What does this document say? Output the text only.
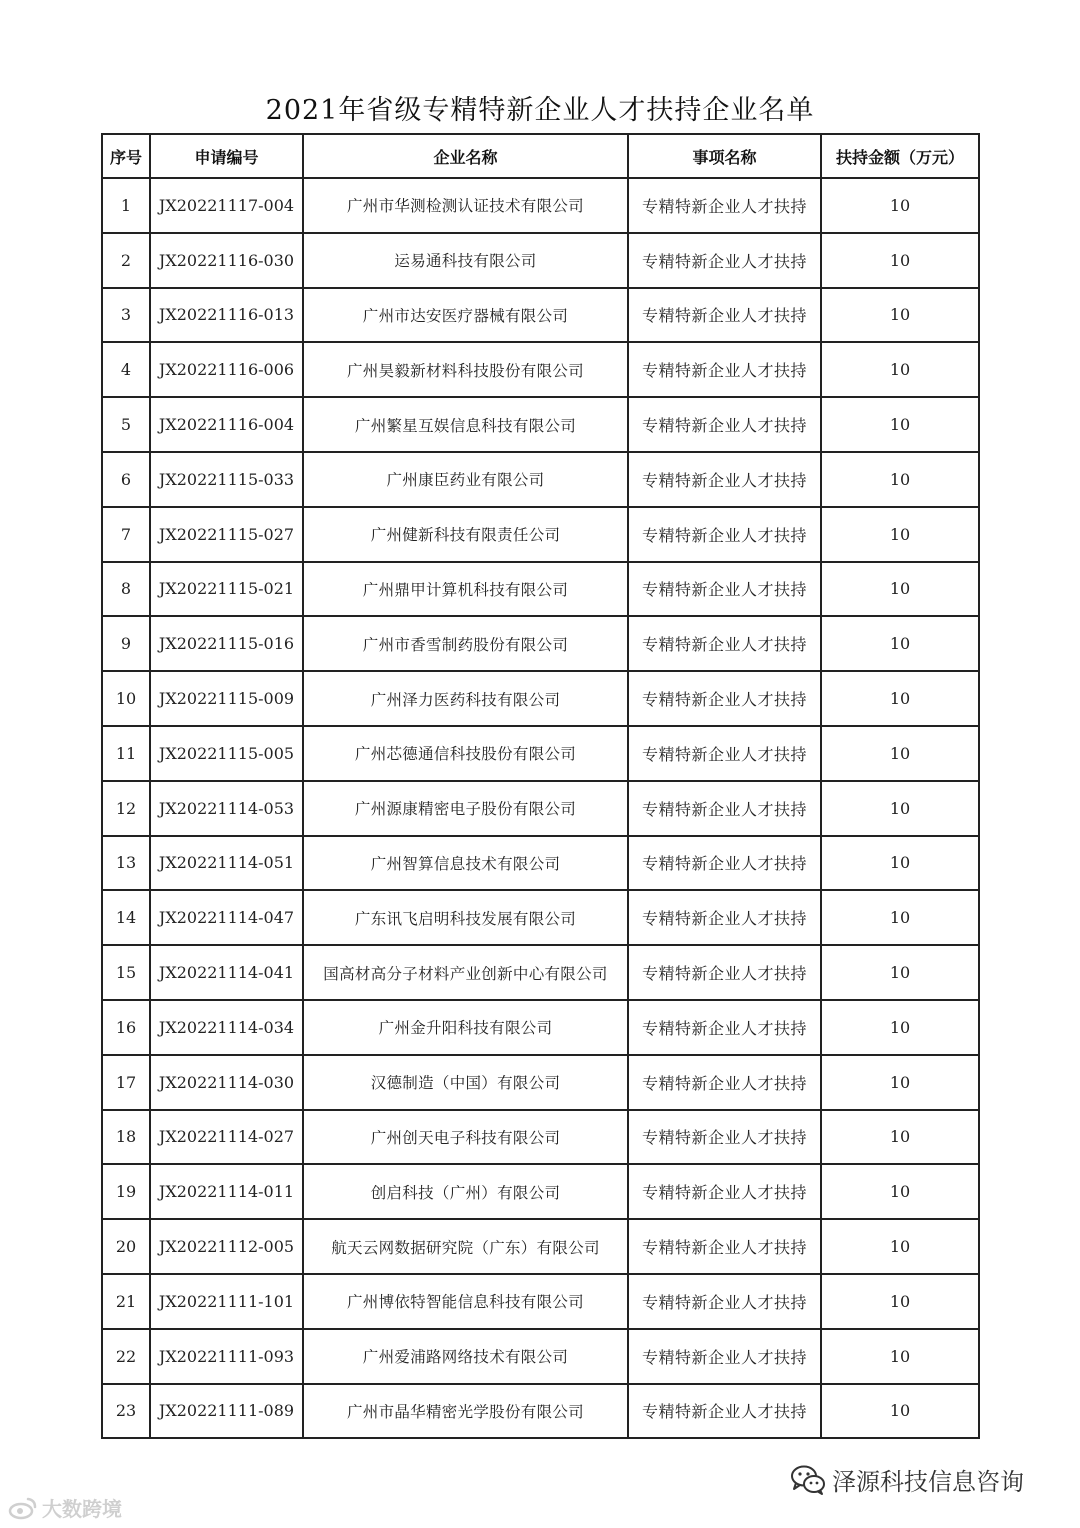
2021年省级专精特新企业人才扶持企业名单
序号	申请编号	企业名称	事项名称	扶持金额（万元）
1	JX20221117-004	广州市华测检测认证技术有限公司	专精特新企业人才扶持	10
2	JX20221116-030	运易通科技有限公司	专精特新企业人才扶持	10
3	JX20221116-013	广州市达安医疗器械有限公司	专精特新企业人才扶持	10
4	JX20221116-006	广州昊毅新材料科技股份有限公司	专精特新企业人才扶持	10
5	JX20221116-004	广州繁星互娱信息科技有限公司	专精特新企业人才扶持	10
6	JX20221115-033	广州康臣药业有限公司	专精特新企业人才扶持	10
7	JX20221115-027	广州健新科技有限责任公司	专精特新企业人才扶持	10
8	JX20221115-021	广州鼎甲计算机科技有限公司	专精特新企业人才扶持	10
9	JX20221115-016	广州市香雪制药股份有限公司	专精特新企业人才扶持	10
10	JX20221115-009	广州泽力医药科技有限公司	专精特新企业人才扶持	10
11	JX20221115-005	广州芯德通信科技股份有限公司	专精特新企业人才扶持	10
12	JX20221114-053	广州源康精密电子股份有限公司	专精特新企业人才扶持	10
13	JX20221114-051	广州智算信息技术有限公司	专精特新企业人才扶持	10
14	JX20221114-047	广东讯飞启明科技发展有限公司	专精特新企业人才扶持	10
15	JX20221114-041	国高材高分子材料产业创新中心有限公司	专精特新企业人才扶持	10
16	JX20221114-034	广州金升阳科技有限公司	专精特新企业人才扶持	10
17	JX20221114-030	汉德制造（中国）有限公司	专精特新企业人才扶持	10
18	JX20221114-027	广州创天电子科技有限公司	专精特新企业人才扶持	10
19	JX20221114-011	创启科技（广州）有限公司	专精特新企业人才扶持	10
20	JX20221112-005	航天云网数据研究院（广东）有限公司	专精特新企业人才扶持	10
21	JX20221111-101	广州博依特智能信息科技有限公司	专精特新企业人才扶持	10
22	JX20221111-093	广州爱浦路网络技术有限公司	专精特新企业人才扶持	10
23	JX20221111-089	广州市晶华精密光学股份有限公司	专精特新企业人才扶持	10
大数跨境
泽源科技信息咨询
